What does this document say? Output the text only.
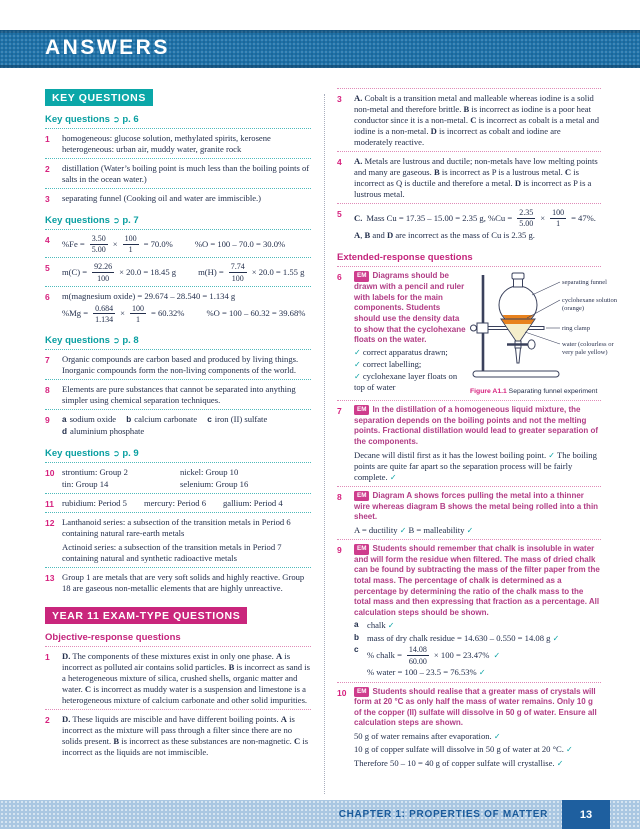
ANSWERS
KEY QUESTIONS
Key questions ➲ p. 6
1	homogeneous: glucose solution, methylated spirits, kerosene
heterogeneous: urban air, muddy water, granite rock
2	distillation (Water’s boiling point is much less than the boiling points of salts in the ocean water.)
3	separating funnel (Cooking oil and water are immiscible.)
Key questions ➲ p. 7
4	$\%Fe = \frac{3.50}{5.00} \times \frac{100}{1} = 70.0\%$	%O = 100 – 70.0 = 30.0%
5	$m(C) = \frac{92.26}{100} \times 20.0 = 18.45$ g	$m(H) = \frac{7.74}{100} \times 20.0 = 1.55$ g
6	m(magnesium oxide) = 29.674 – 28.540 = 1.134 g
$\%Mg = \frac{0.684}{1.134} \times \frac{100}{1} = 60.32\%$	%O = 100 – 60.32 = 39.68%
Key questions ➲ p. 8
7	Organic compounds are carbon based and produced by living things. Inorganic compounds form the non-living components of the world.
8	Elements are pure substances that cannot be separated into anything simpler using chemical separation techniques.
9	a sodium oxide b calcium carbonate c iron (II) sulfate
d aluminium phosphate
Key questions ➲ p. 9
10 strontium: Group 2	nickel: Group 10
tin: Group 14	selenium: Group 16
11 rubidium: Period 5 mercury: Period 6 gallium: Period 4
12 Lanthanoid series: a subsection of the transition metals in Period 6 containing natural rare-earth metals
Actinoid series: a subsection of the transition metals in Period 7 containing natural and synthetic radioactive metals
13 Group 1 are metals that are very soft solids and highly reactive. Group 18 are gaseous non-metallic elements that are highly unreactive.
YEAR 11 EXAM-TYPE QUESTIONS
Objective-response questions
1	D. The components of these mixtures exist in only one phase. A is incorrect as polluted air contains solid particles. B is incorrect as sand is a heterogeneous mixture of silica, crushed shells, organic matter and water. C is incorrect as muddy water is a suspension and limestone is a heterogeneous mixture of calcium carbonate and other solid impurities.
2	D. These liquids are miscible and have different boiling points. A is incorrect as the mixture will pass through a filter since there are no solids present. B is incorrect as these substances are non-magnetic. C is incorrect as the liquids are not immiscible.
3	A. Cobalt is a transition metal and malleable whereas iodine is a solid non-metal and therefore brittle. B is incorrect as iodine is a poor heat conductor since it is a non-metal. C is incorrect as cobalt is a metal and iodine is a non-metal. D is incorrect as cobalt and iodine are moderately reactive.
4	A. Metals are lustrous and ductile; non-metals have low melting points and many are gaseous. B is incorrect as P is a lustrous metal. C is incorrect as Q is ductile and therefore a metal. D is incorrect as P is a lustrous metal.
5	C. Mass Cu = 17.35 – 15.00 = 2.35 g, $\%Cu = \frac{2.35}{5.00} \times \frac{100}{1} = 47\%$.
A, B and D are incorrect as the mass of Cu is 2.35 g.
Extended-response questions
6	EM Diagrams should be drawn with a pencil and ruler with labels for the main components. Students should use the density data to show that the cyclohexane floats on the water.
✓ correct apparatus drawn;
✓ correct labelling;
✓ cyclohexane layer floats on top of water
separating funnel
cyclohexane solution
(orange)
ring clamp
water (colourless or
very pale yellow)
Figure A1.1 Separating funnel experiment
7	EM In the distillation of a homogeneous liquid mixture, the separation depends on the boiling points and not the melting points. Fractional distillation would lead to greater separation of the components.
Decane will distil first as it has the lowest boiling point. ✓ The boiling points are quite far apart so the separation process will be fairly complete. ✓
8	EM Diagram A shows forces pulling the metal into a thinner wire whereas diagram B shows the metal being rolled into a thin sheet.
A = ductility ✓ B = malleability ✓
9	EM Students should remember that chalk is insoluble in water and will form the residue when filtered. The mass of dried chalk can be found by subtracting the mass of the filter paper from the total mass. The percentage of chalk is determined as a percentage by determining the ratio of the chalk mass to the total mass and then expressing that fraction as a percentage. All calculation steps should be shown.
a chalk ✓
b mass of dry chalk residue = 14.630 – 0.550 = 14.08 g ✓
c
% chalk = $\frac{14.08}{60.00} \times 100 = 23.47\%$ ✓
% water = 100 – 23.5 = 76.53% ✓
10	EM Students should realise that a greater mass of crystals will form at 20 °C as only half the mass of water remains. Only 10 g of the copper (II) sulfate will dissolve in 50 g of water. Ensure all calculation steps are shown.
50 g of water remains after evaporation. ✓
10 g of copper sulfate will dissolve in 50 g of water at 20 °C. ✓
Therefore 50 – 10 = 40 g of copper sulfate will crystallise. ✓
CHAPTER 1: PROPERTIES OF MATTER	13
